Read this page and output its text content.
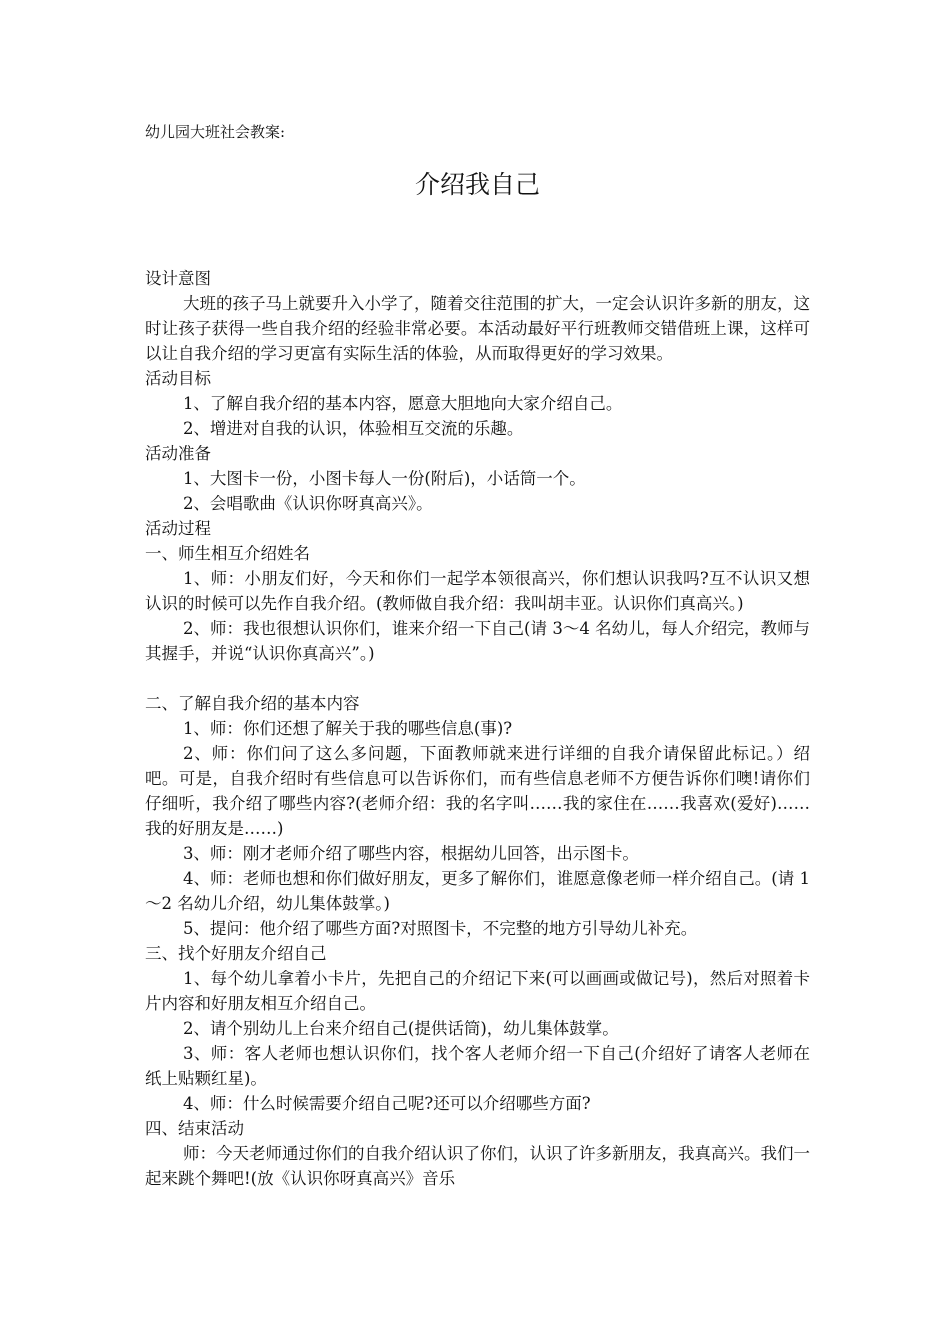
幼儿园大班社会教案:

介绍我自己

设计意图

大班的孩子马上就要升入小学了，随着交往范围的扩大，一定会认识许多新的朋友，这时让孩子获得一些自我介绍的经验非常必要。本活动最好平行班教师交错借班上课，这样可以让自我介绍的学习更富有实际生活的体验，从而取得更好的学习效果。

活动目标

1、了解自我介绍的基本内容，愿意大胆地向大家介绍自己。

2、增进对自我的认识，体验相互交流的乐趣。

活动准备

1、大图卡一份，小图卡每人一份(附后)，小话筒一个。

2、会唱歌曲《认识你呀真高兴》。

活动过程

一、师生相互介绍姓名

1、师：小朋友们好，今天和你们一起学本领很高兴，你们想认识我吗?互不认识又想认识的时候可以先作自我介绍。(教师做自我介绍：我叫胡丰亚。认识你们真高兴。)

2、师：我也很想认识你们，谁来介绍一下自己(请 3～4 名幼儿，每人介绍完，教师与其握手，并说“认识你真高兴”。)

二、了解自我介绍的基本内容

1、师：你们还想了解关于我的哪些信息(事)?

2、师：你们问了这么多问题，下面教师就来进行详细的自我介请保留此标记。）绍吧。可是，自我介绍时有些信息可以告诉你们，而有些信息老师不方便告诉你们噢!请你们仔细听，我介绍了哪些内容?(老师介绍：我的名字叫……我的家住在……我喜欢(爱好)……我的好朋友是……)

3、师：刚才老师介绍了哪些内容，根据幼儿回答，出示图卡。

4、师：老师也想和你们做好朋友，更多了解你们，谁愿意像老师一样介绍自己。(请 1～2 名幼儿介绍，幼儿集体鼓掌。)

5、提问：他介绍了哪些方面?对照图卡，不完整的地方引导幼儿补充。

三、找个好朋友介绍自己

1、每个幼儿拿着小卡片，先把自己的介绍记下来(可以画画或做记号)，然后对照着卡片内容和好朋友相互介绍自己。

2、请个别幼儿上台来介绍自己(提供话筒)，幼儿集体鼓掌。

3、师：客人老师也想认识你们，找个客人老师介绍一下自己(介绍好了请客人老师在纸上贴颗红星)。

4、师：什么时候需要介绍自己呢?还可以介绍哪些方面?

四、结束活动

师：今天老师通过你们的自我介绍认识了你们，认识了许多新朋友，我真高兴。我们一起来跳个舞吧!(放《认识你呀真高兴》音乐
